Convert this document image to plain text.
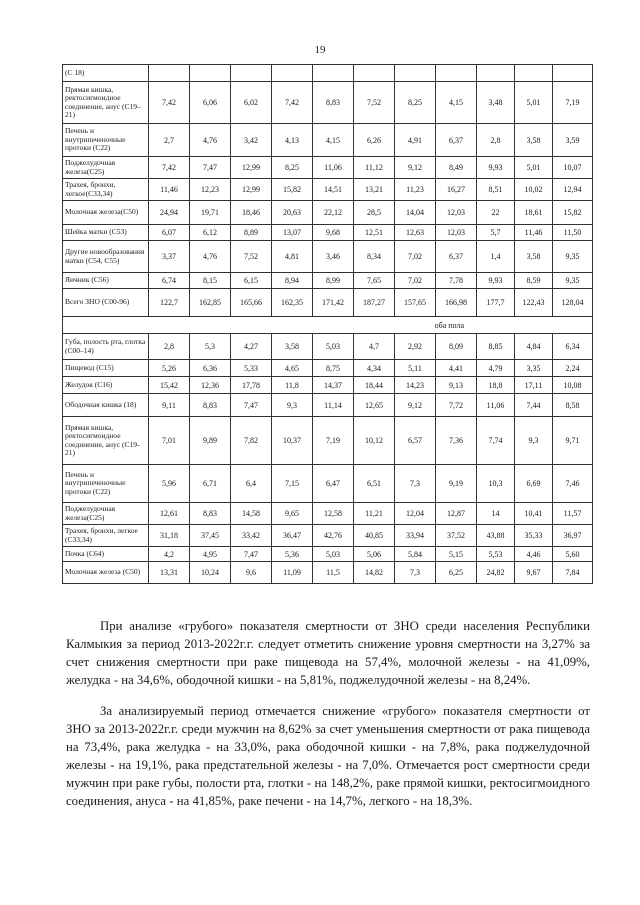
19
(С 18)											
Прямая кишка, ректосигмоидное соединение, анус (С19–21)	7,42	6,06	6,02	7,42	8,83	7,52	8,25	4,15	3,48	5,01	7,19
Печень и внутрипеченочные протоки (С22)	2,7	4,76	3,42	4,13	4,15	6,26	4,91	6,37	2,8	3,58	3,59
Поджелудочная железа(С25)	7,42	7,47	12,99	8,25	11,06	11,12	9,12	8,49	9,93	5,01	10,07
Трахея, бронхи, легкое(С33,34)	11,46	12,23	12,99	15,82	14,51	13,21	11,23	16,27	8,51	10,02	12,94
Молочная железа(С50)	24,94	19,71	18,46	20,63	22,12	28,5	14,04	12,03	22	18,61	15,82
Шейка матки (С53)	6,07	6,12	8,89	13,07	9,68	12,51	12,63	12,03	5,7	11,46	11,50
Другие новообразования матки (С54, С55)	3,37	4,76	7,52	4,81	3,46	8,34	7,02	6,37	1,4	3,58	9,35
Яичник (С56)	6,74	8,15	6,15	8,94	8,99	7,65	7,02	7,78	9,93	8,59	9,35
Всего ЗНО (С00-96)	122,7	162,85	165,66	162,35	171,42	187,27	157,65	166,98	177,7	122,43	128,04
оба пола											
Губа, полость рта, глотка (С00–14)	2,8	5,3	4,27	3,58	5,03	4,7	2,92	8,09	8,85	4,84	6,34
Пищевод (С15)	5,26	6,36	5,33	4,65	8,75	4,34	5,11	4,41	4,79	3,35	2,24
Желудок (С16)	15,42	12,36	17,78	11,8	14,37	18,44	14,23	9,13	18,8	17,11	10,08
Ободочная кишка (18)	9,11	8,83	7,47	9,3	11,14	12,65	9,12	7,72	11,06	7,44	8,58
Прямая кишка, ректосигмоидное соединение, анус (С19-21)	7,01	9,89	7,82	10,37	7,19	10,12	6,57	7,36	7,74	9,3	9,71
Печень и внутрипеченочные протоки (С22)	5,96	6,71	6,4	7,15	6,47	6,51	7,3	9,19	10,3	6,69	7,46
Поджелудочная железа(С25)	12,61	8,83	14,58	9,65	12,58	11,21	12,04	12,87	14	10,41	11,57
Трахея, бронхи, легкое (С33,34)	31,18	37,45	33,42	36,47	42,76	40,85	33,94	37,52	43,88	35,33	36,97
Почка (С64)	4,2	4,95	7,47	5,36	5,03	5,06	5,84	5,15	5,53	4,46	5,60
Молочная железа (С50)	13,31	10,24	9,6	11,09	11,5	14,82	7,3	6,25	24,82	9,67	7,84

При анализе «грубого» показателя смертности от ЗНО среди населения Республики Калмыкия за период 2013-2022г.г. следует отметить снижение уровня смертности на 3,27% за счет снижения смертности при раке пищевода на 57,4%, молочной железы - на 41,09%, желудка - на 34,6%, ободочной кишки - на 5,81%, поджелудочной железы - на 8,24%.

За анализируемый период отмечается снижение «грубого» показателя смертности от ЗНО за 2013-2022г.г. среди мужчин на 8,62% за счет уменьшения смертности от рака пищевода на 73,4%, рака желудка - на 33,0%, рака ободочной кишки - на 7,8%, рака поджелудочной железы - на 19,1%, рака предстательной железы - на 7,0%. Отмечается рост смертности среди мужчин при раке губы, полости рта, глотки - на 148,2%, раке прямой кишки, ректосигмоидного соединения, ануса - на 41,85%, раке печени - на 14,7%, легкого - на 18,3%.
